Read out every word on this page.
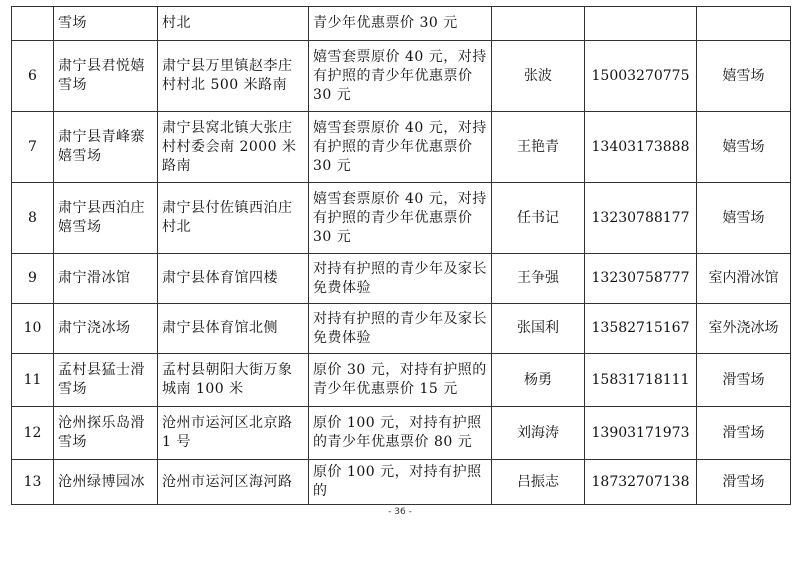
	雪场	村北	青少年优惠票价 30 元			
6	肃宁县君悦嬉雪场	肃宁县万里镇赵李庄村村北 500 米路南	嬉雪套票原价 40 元，对持有护照的青少年优惠票价 30 元	张波	15003270775	嬉雪场
7	肃宁县青峰寨嬉雪场	肃宁县窝北镇大张庄村村委会南 2000 米路南	嬉雪套票原价 40 元，对持有护照的青少年优惠票价 30 元	王艳青	13403173888	嬉雪场
8	肃宁县西泊庄嬉雪场	肃宁县付佐镇西泊庄村北	嬉雪套票原价 40 元，对持有护照的青少年优惠票价 30 元	任书记	13230788177	嬉雪场
9	肃宁滑冰馆	肃宁县体育馆四楼	对持有护照的青少年及家长免费体验	王争强	13230758777	室内滑冰馆
10	肃宁浇冰场	肃宁县体育馆北侧	对持有护照的青少年及家长免费体验	张国利	13582715167	室外浇冰场
11	孟村县猛士滑雪场	孟村县朝阳大街万象城南 100 米	原价 30 元，对持有护照的青少年优惠票价 15 元	杨勇	15831718111	滑雪场
12	沧州探乐岛滑雪场	沧州市运河区北京路 1 号	原价 100 元，对持有护照的青少年优惠票价 80 元	刘海涛	13903171973	滑雪场
13	沧州绿博园冰	沧州市运河区海河路	原价 100 元，对持有护照的	吕振志	18732707138	滑雪场
- 36 -
